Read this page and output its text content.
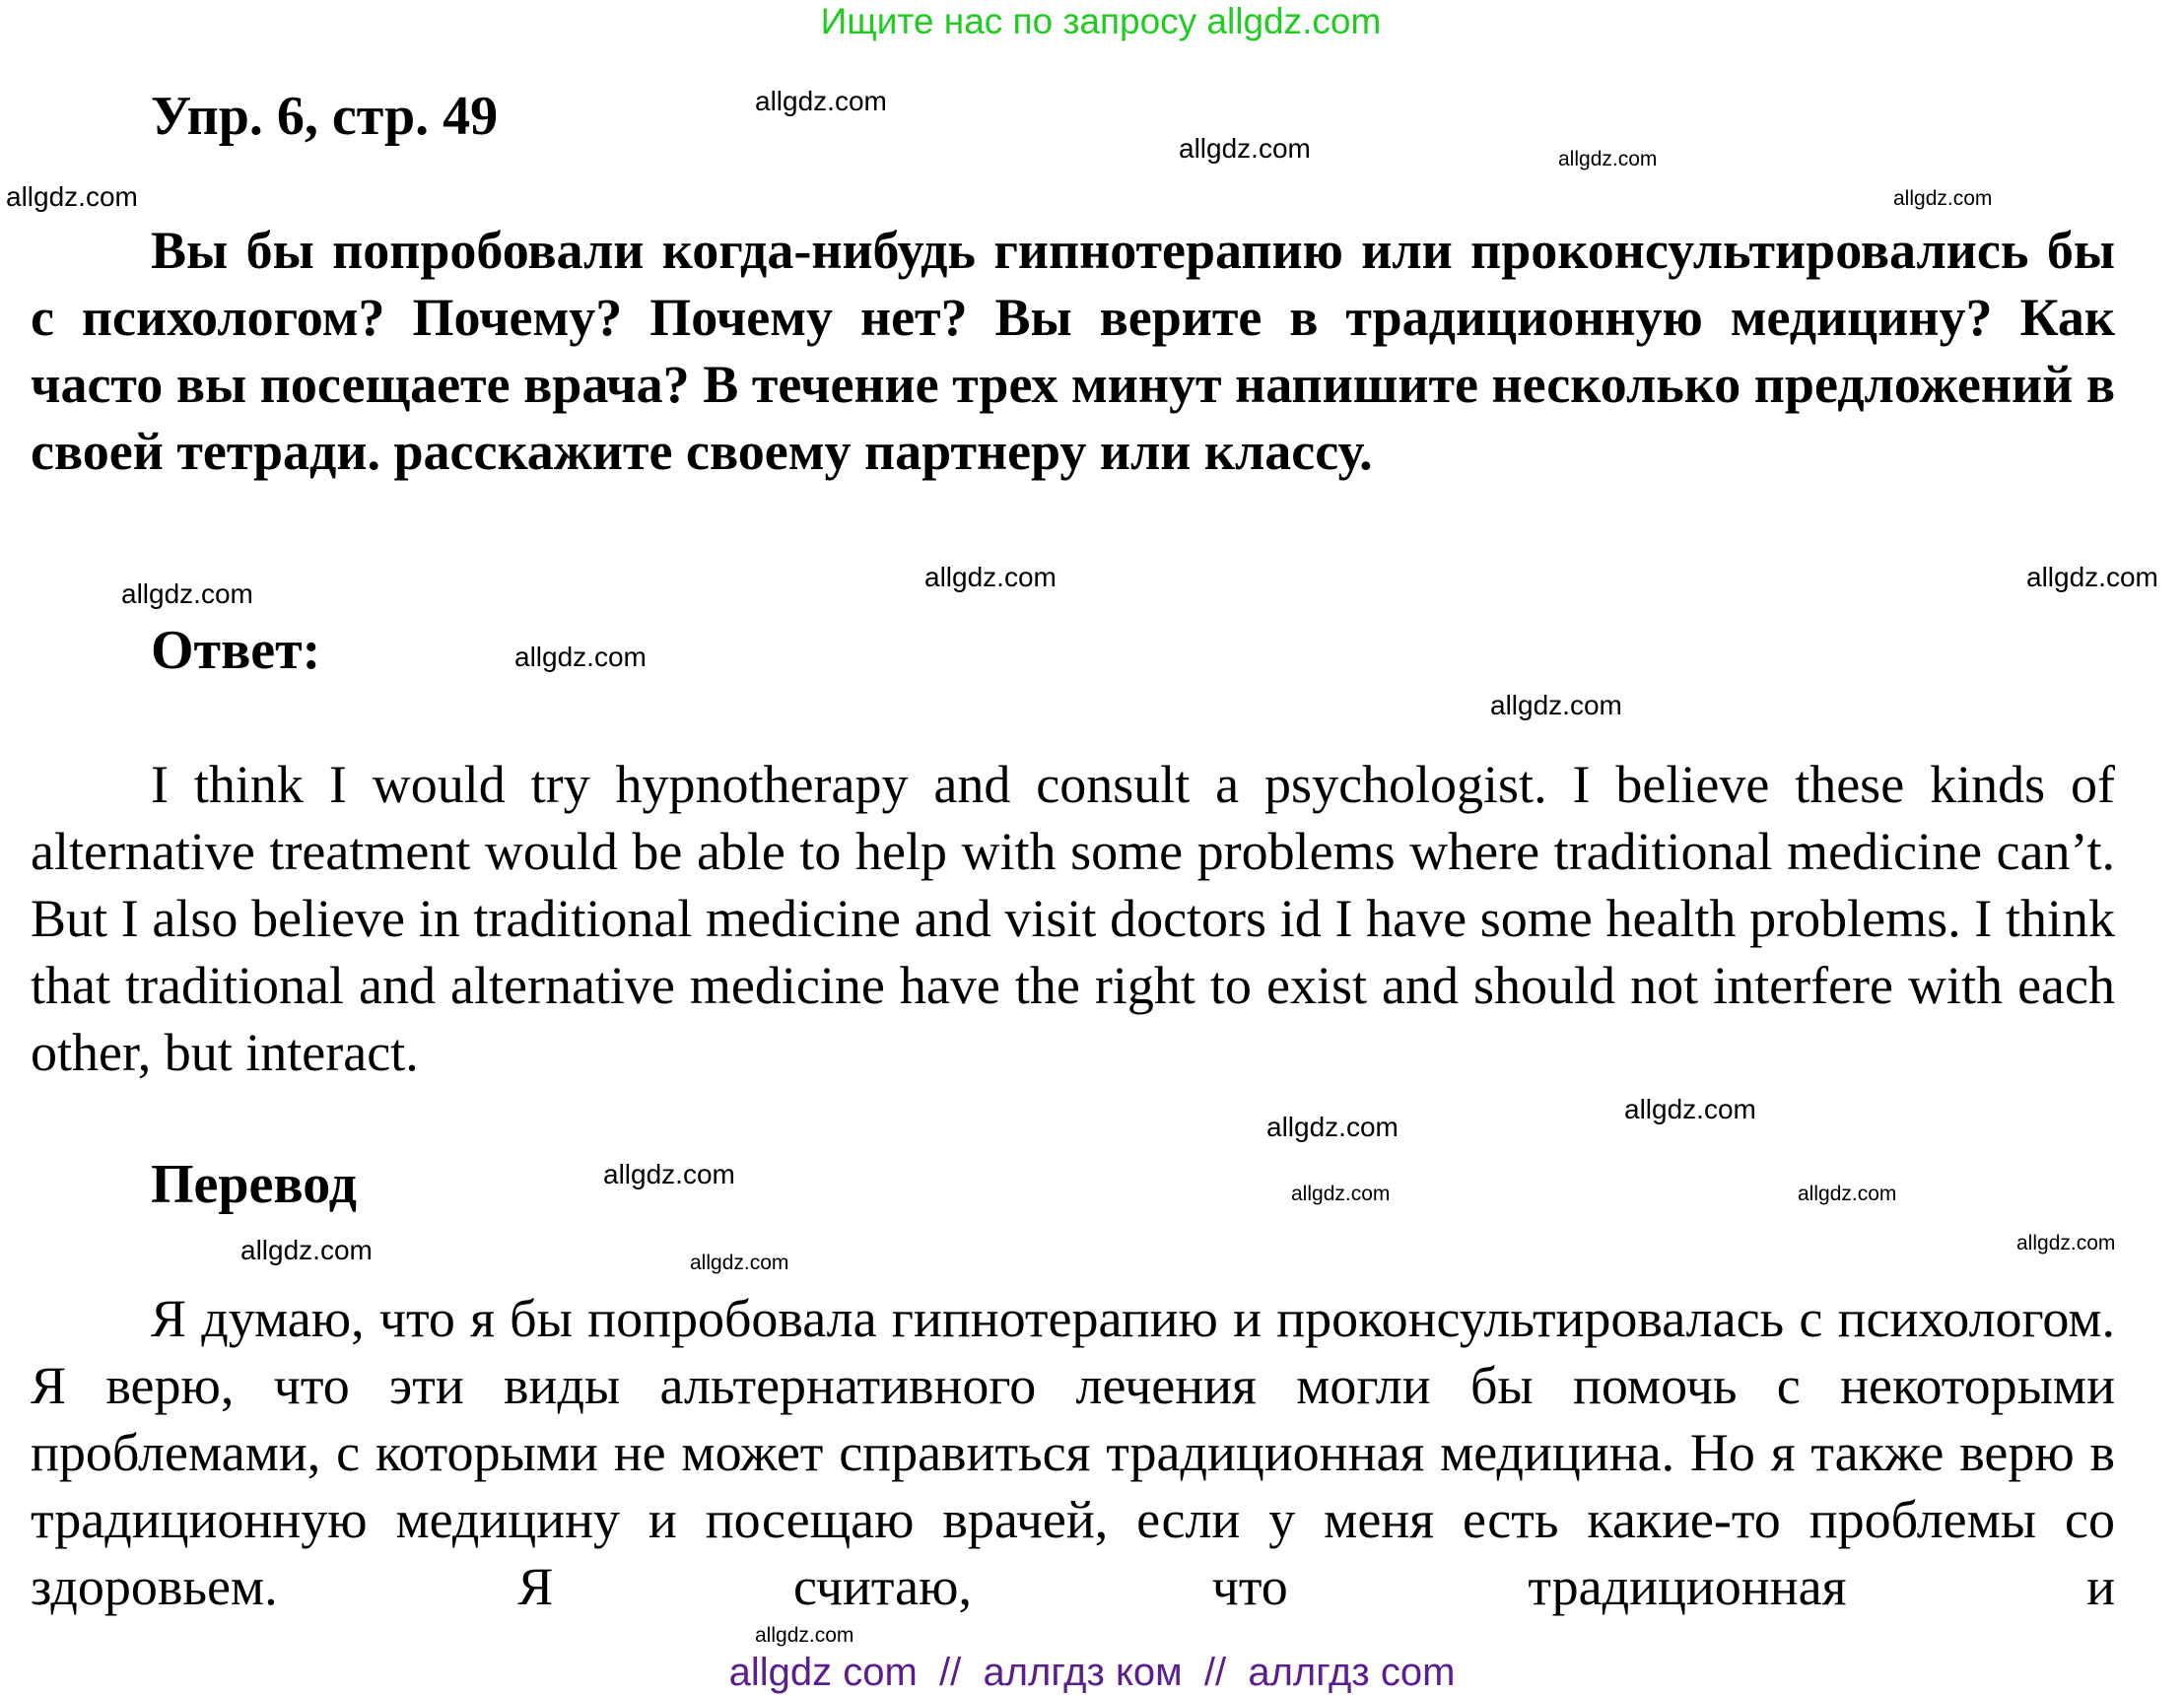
Ищите нас по запросу allgdz.com
Упр. 6, стр. 49
Вы бы попробовали когда-нибудь гипнотерапию или проконсультировались бы с психологом? Почему? Почему нет? Вы верите в традиционную медицину? Как часто вы посещаете врача? В течение трех минут напишите несколько предложений в своей тетради. расскажите своему партнеру или классу.
Ответ:
I think I would try hypnotherapy and consult a psychologist. I believe these kinds of alternative treatment would be able to help with some problems where traditional medicine can’t. But I also believe in traditional medicine and visit doctors id I have some health problems. I think that traditional and alternative medicine have the right to exist and should not interfere with each other, but interact.
Перевод
Я думаю, что я бы попробовала гипнотерапию и проконсультировалась с психологом. Я верю, что эти виды альтернативного лечения могли бы помочь с некоторыми проблемами, с которыми не может справиться традиционная медицина. Но я также верю в традиционную медицину и посещаю врачей, если у меня есть какие-то проблемы со здоровьем. Я считаю, что традиционная и
allgdz.com
allgdz.com
allgdz.com	allgdz.com
allgdz.com
allgdz.com	allgdz.com
allgdz.com
allgdz.com
allgdz.com
allgdz.com
allgdz.com
allgdz.com
allgdz.com	allgdz.com
allgdz.com
allgdz.com
allgdz.com
allgdz.com
allgdz com  //  аллгдз ком  //  аллгдз com
